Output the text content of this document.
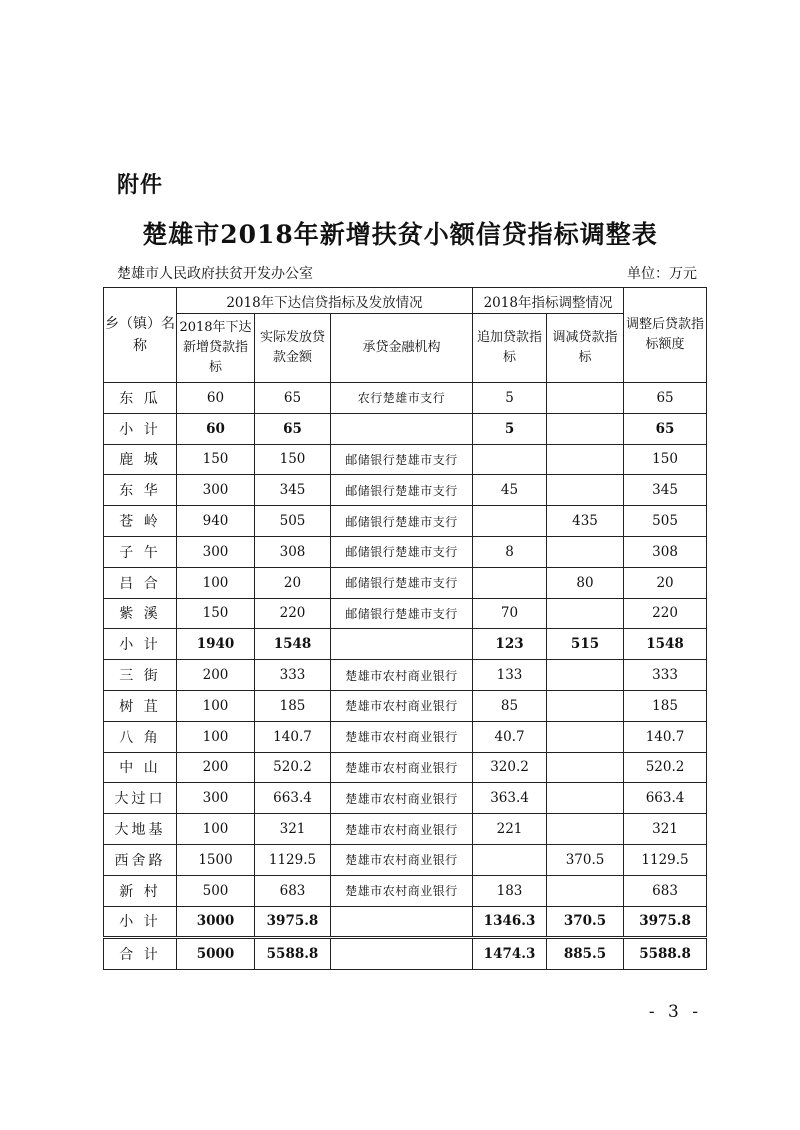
附件
楚雄市2018年新增扶贫小额信贷指标调整表
楚雄市人民政府扶贫开发办公室	单位：万元
乡（镇）名称	2018年下达信贷指标及发放情况			2018年指标调整情况		调整后贷款指标额度
	2018年下达新增贷款指标	实际发放贷款金额	承贷金融机构	追加贷款指标	调减贷款指标	
东 瓜	60	65	农行楚雄市支行	5		65
小 计	60	65		5		65
鹿 城	150	150	邮储银行楚雄市支行			150
东 华	300	345	邮储银行楚雄市支行	45		345
苍 岭	940	505	邮储银行楚雄市支行		435	505
子 午	300	308	邮储银行楚雄市支行	8		308
吕 合	100	20	邮储银行楚雄市支行		80	20
紫 溪	150	220	邮储银行楚雄市支行	70		220
小 计	1940	1548		123	515	1548
三 街	200	333	楚雄市农村商业银行	133		333
树 苴	100	185	楚雄市农村商业银行	85		185
八 角	100	140.7	楚雄市农村商业银行	40.7		140.7
中 山	200	520.2	楚雄市农村商业银行	320.2		520.2
大过口	300	663.4	楚雄市农村商业银行	363.4		663.4
大地基	100	321	楚雄市农村商业银行	221		321
西舍路	1500	1129.5	楚雄市农村商业银行		370.5	1129.5
新 村	500	683	楚雄市农村商业银行	183		683
小 计	3000	3975.8		1346.3	370.5	3975.8
合 计	5000	5588.8		1474.3	885.5	5588.8
- 3 -
